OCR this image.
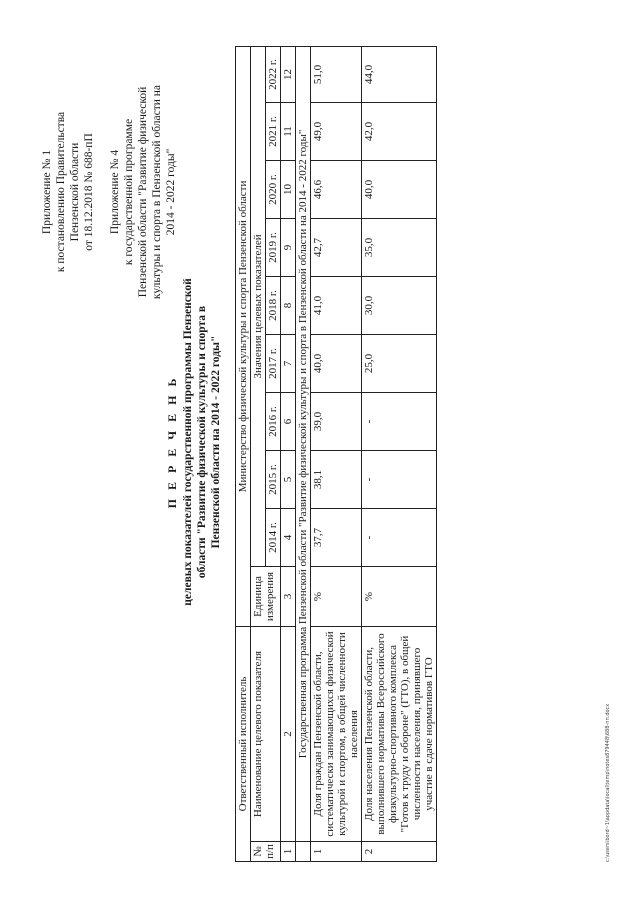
Приложение № 1 к постановлению Правительства Пензенской области от 18.12.2018 № 688-пП Приложение № 4 к государственной программе Пензенской области "Развитие физической культуры и спорта в Пензенской области на 2014 - 2022 годы"

П Е Р Е Ч Е Н Ь целевых показателей государственной программы Пензенской области "Развитие физической культуры и спорта в Пензенской области на 2014 - 2022 годы"

Ответственный исполнитель		Министерство физической культуры и спорта Пензенской области									
№ п/п	Наименование целевого показателя	Единица измерения	Значения целевых показателей								
			2014 г.	2015 г.	2016 г.	2017 г.	2018 г.	2019 г.	2020 г.	2021 г.	2022 г.
1	2	3	4	5	6	7	8	9	10	11	12
	Государственная программа Пензенской области "Развитие физической культуры и спорта в Пензенской области на 2014 - 2022 годы"										
1	Доля граждан Пензенской области, систематически занимающихся физической культурой и спортом, в общей численности населения	%	37,7	38,1	39,0	40,0	41,0	42,7	46,6	49,0	51,0
2	Доля населения Пензенской области, выполнившего нормативы Всероссийского физкультурно-спортивного комплекса "Готов к труду и обороне" (ГТО), в общей численности населения, принявшего участие в сдаче нормативов ГТО	%	-	-	-	25,0	30,0	35,0	40,0	42,0	44,0
c:\users\bord~1\appdata\local\temp\notes879448\688-пп.docx
